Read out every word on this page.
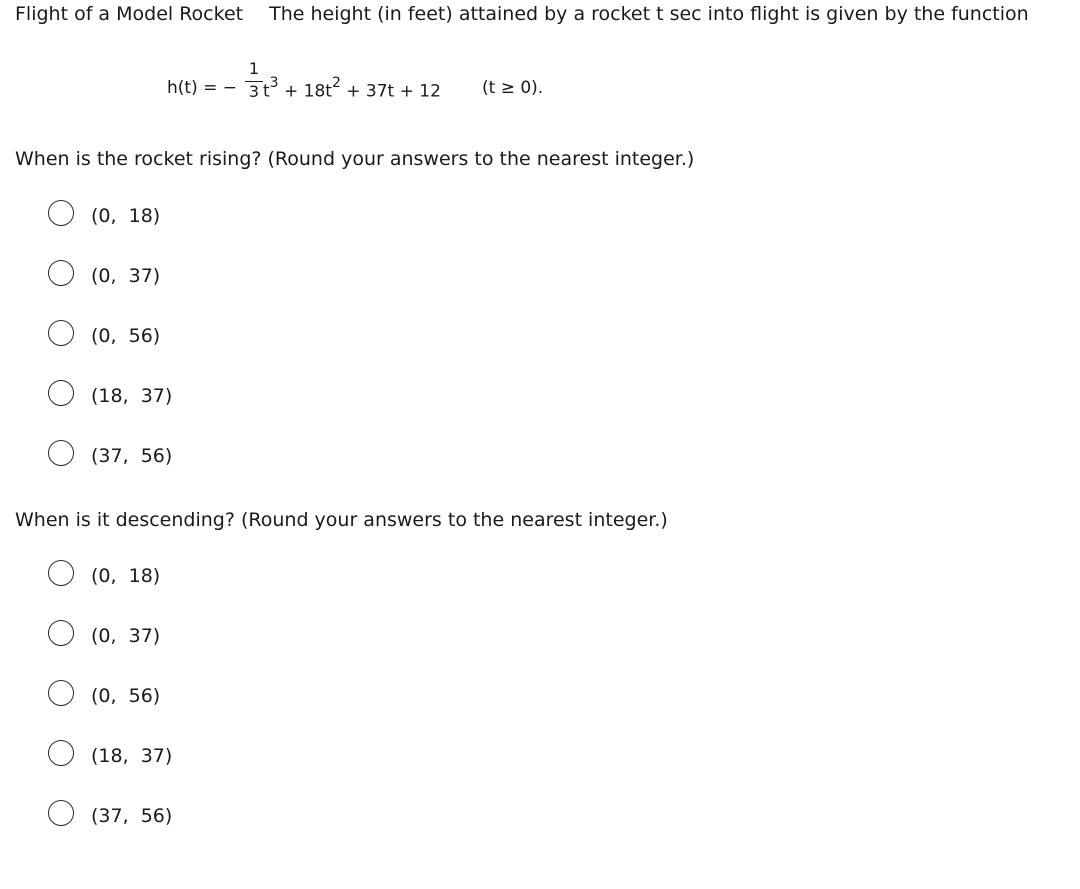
Flight of a Model Rocket The height (in feet) attained by a rocket t sec into flight is given by the function
h(t) = −
1
3 $t^3 + 18t^2 + 37t + 12$ (t ≥ 0).
When is the rocket rising? (Round your answers to the nearest integer.)
(0,  18)
(0,  37)
(0,  56)
(18,  37)
(37,  56)
When is it descending? (Round your answers to the nearest integer.)
(0,  18)
(0,  37)
(0,  56)
(18,  37)
(37,  56)
